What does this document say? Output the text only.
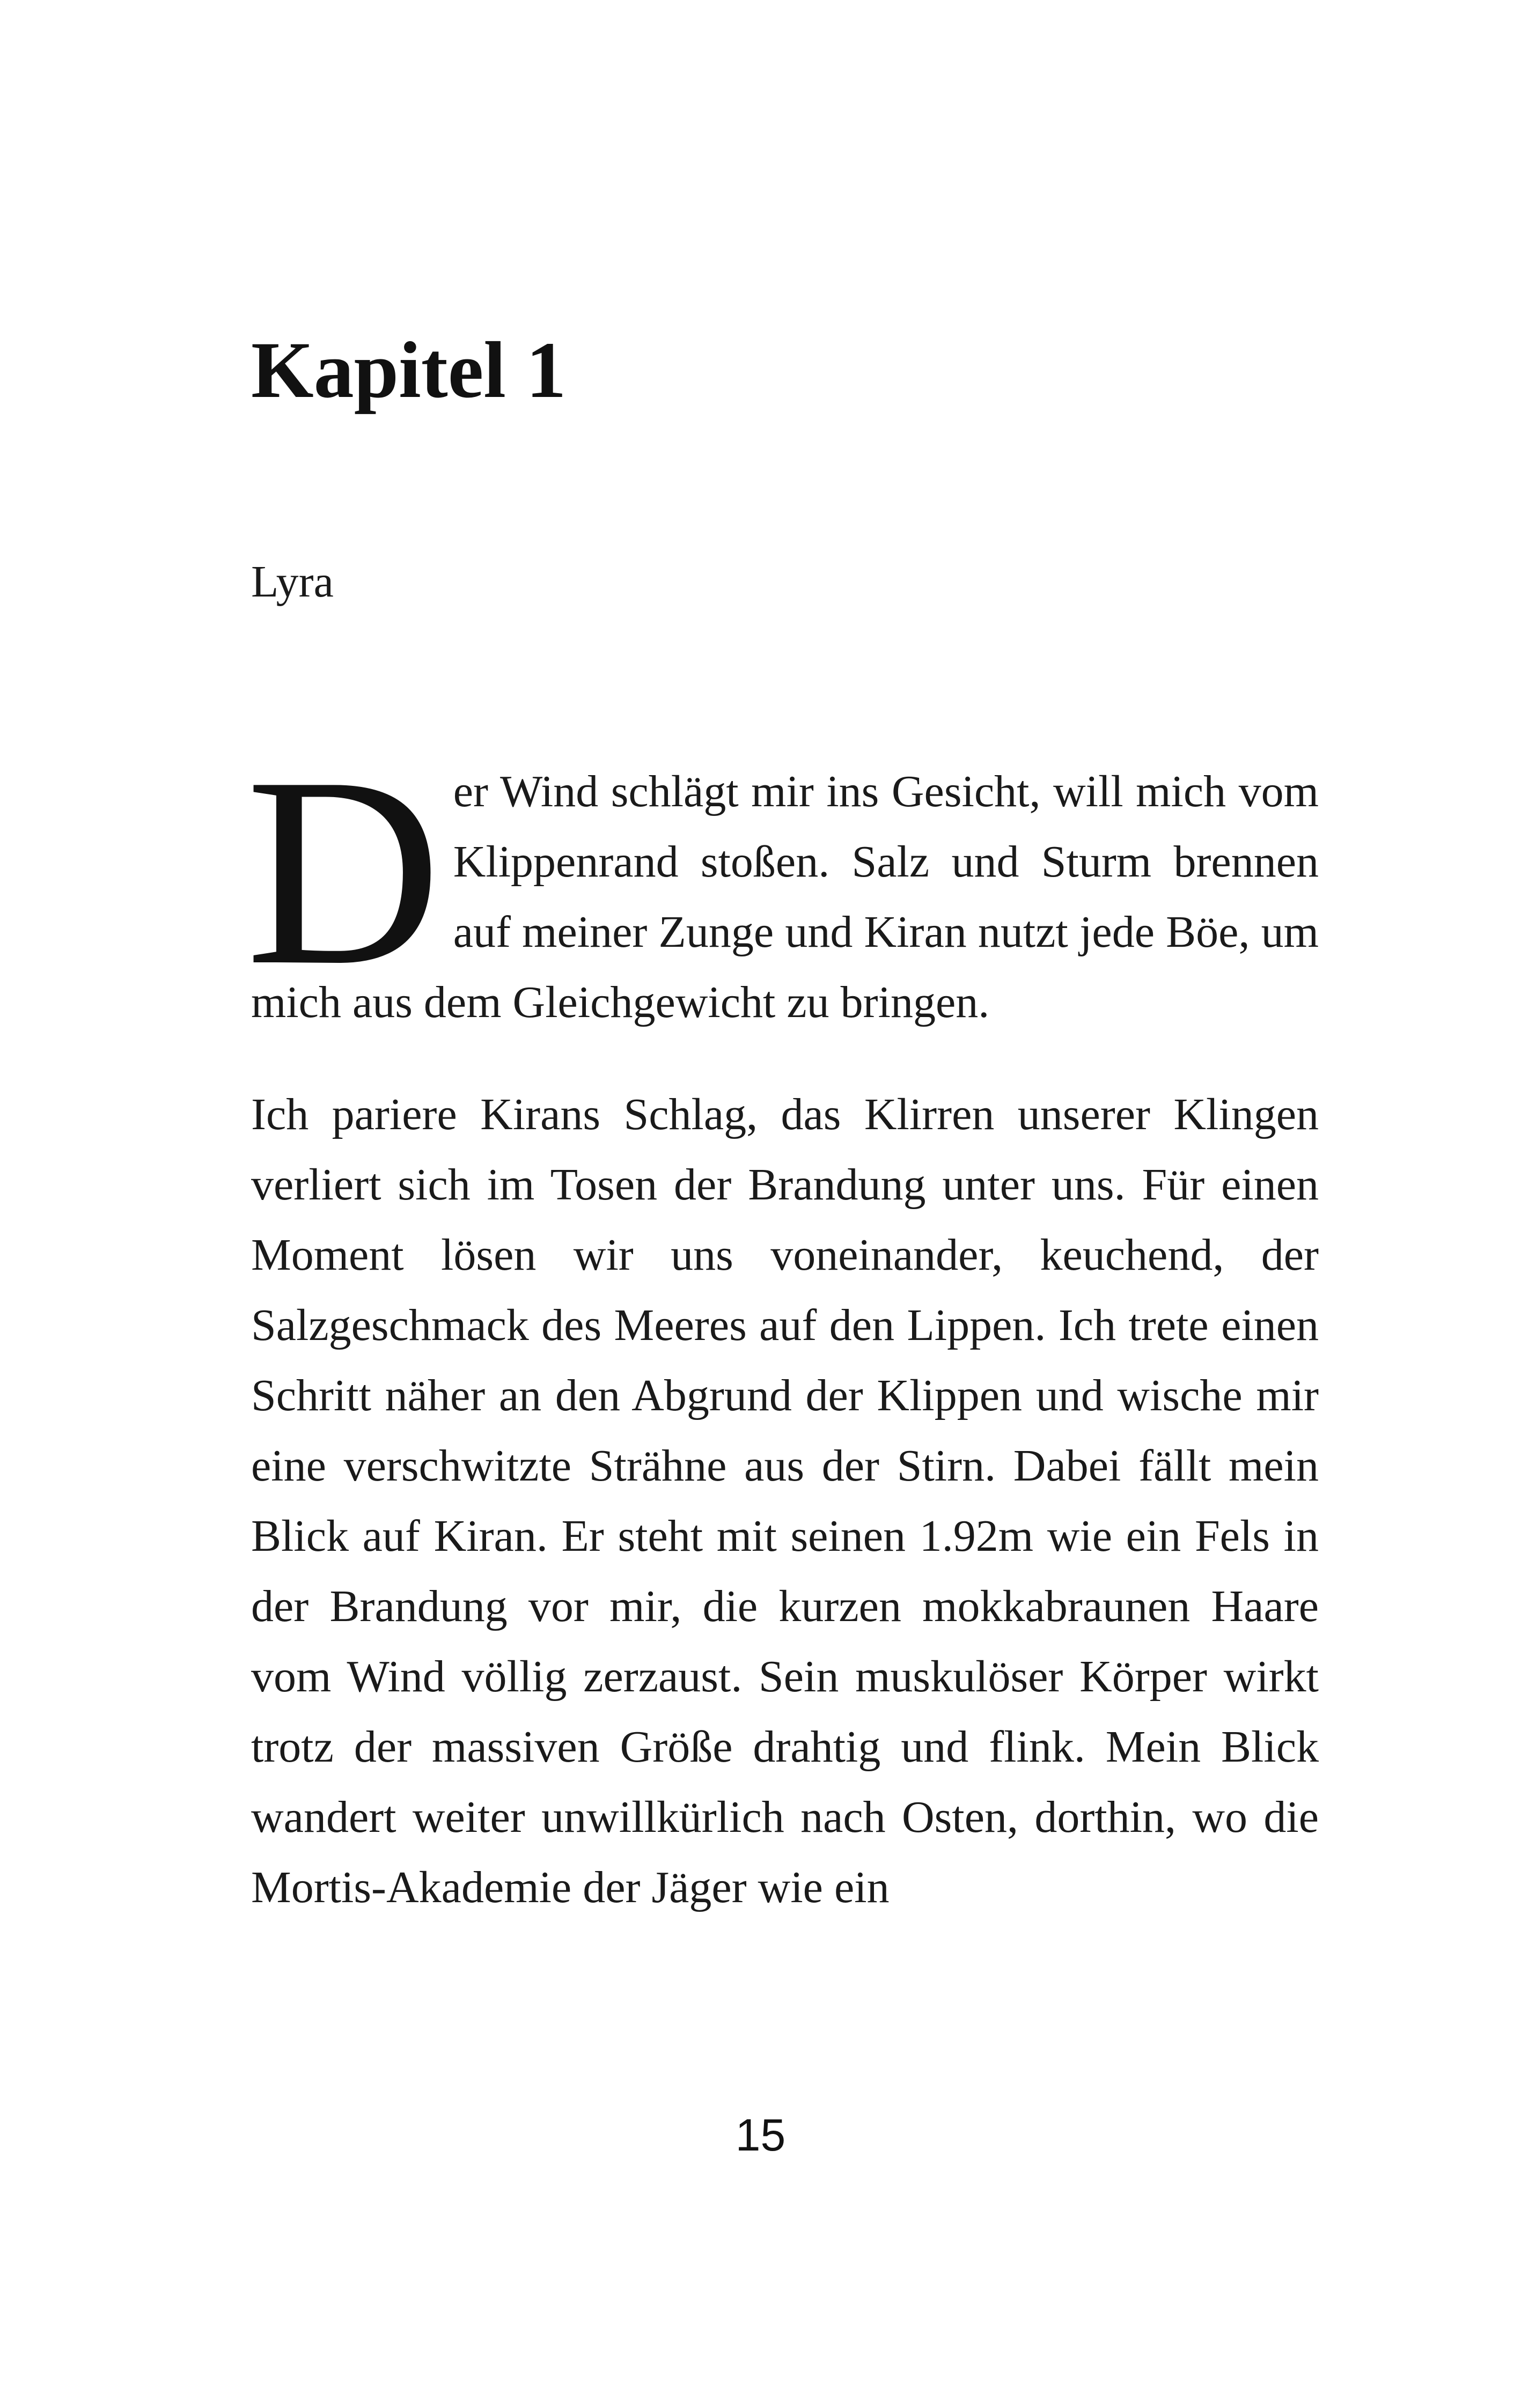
Kapitel 1
Lyra

D er Wind schlägt mir ins Gesicht, will mich vom Klippenrand stoßen. Salz und Sturm brennen auf meiner Zunge und Kiran nutzt jede Böe, um mich aus dem Gleichgewicht zu bringen.

Ich pariere Kirans Schlag, das Klirren unserer Klingen verliert sich im Tosen der Brandung unter uns. Für einen Moment lösen wir uns voneinander, keuchend, der Salzgeschmack des Meeres auf den Lippen. Ich trete einen Schritt näher an den Abgrund der Klippen und wische mir eine verschwitzte Strähne aus der Stirn. Dabei fällt mein Blick auf Kiran. Er steht mit seinen 1.92m wie ein Fels in der Brandung vor mir, die kurzen mokkabraunen Haare vom Wind völlig zerzaust. Sein muskulöser Körper wirkt trotz der massiven Größe drahtig und flink. Mein Blick wandert weiter unwillkürlich nach Osten, dorthin, wo die Mortis-Akademie der Jäger wie ein

15
